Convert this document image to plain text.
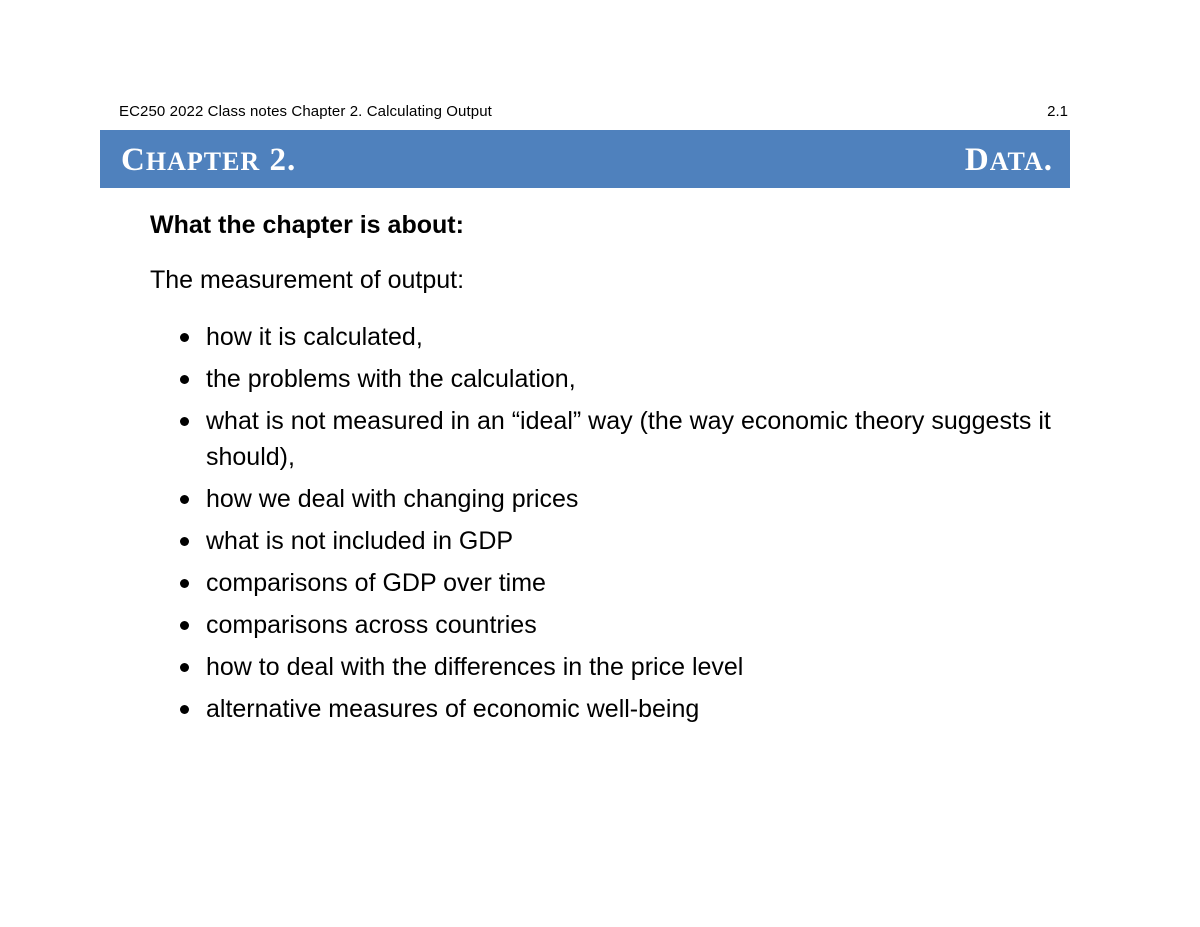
EC250 2022 Class notes Chapter 2. Calculating Output	2.1
CHAPTER 2.	DATA.
What the chapter is about:
The measurement of output:
how it is calculated,
the problems with the calculation,
what is not measured in an “ideal” way (the way economic theory suggests it should),
how we deal with changing prices
what is not included in GDP
comparisons of GDP over time
comparisons across countries
how to deal with the differences in the price level
alternative measures of economic well-being
